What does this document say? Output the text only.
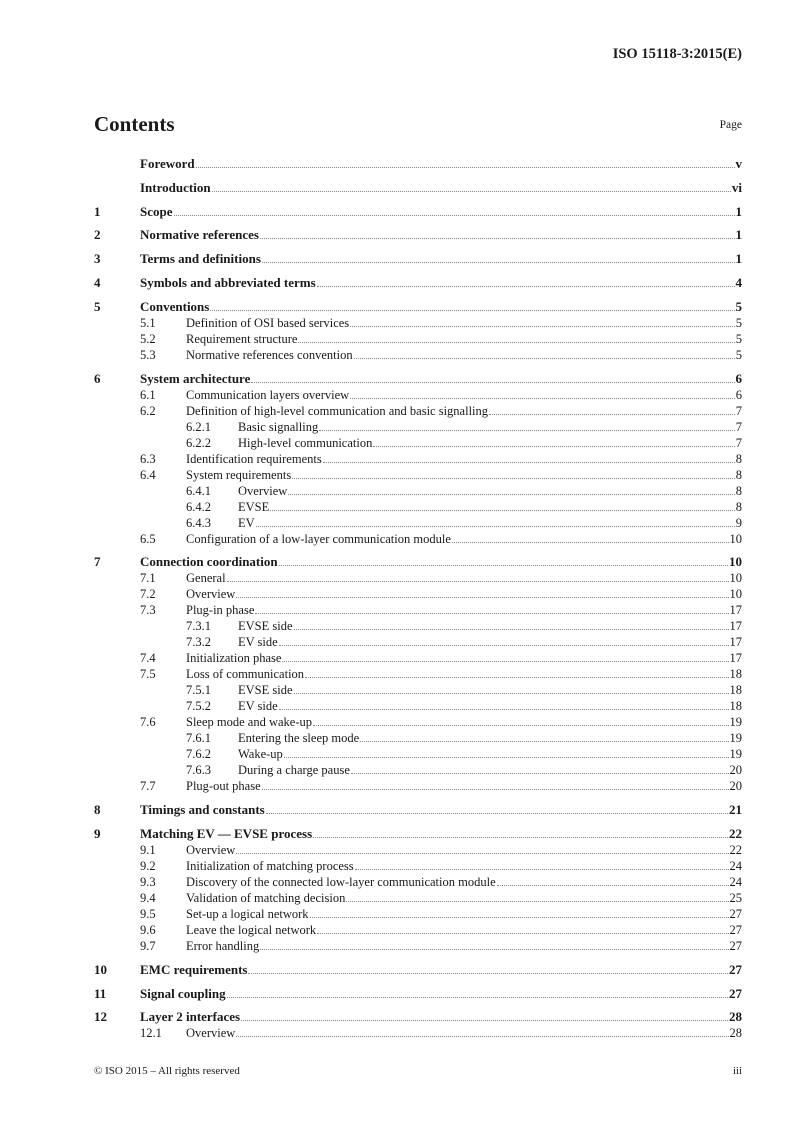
ISO 15118-3:2015(E)
Contents	Page
Foreword	v
Introduction	vi
1	Scope	1
2	Normative references	1
3	Terms and definitions	1
4	Symbols and abbreviated terms	4
5	Conventions	5
5.1	Definition of OSI based services	5
5.2	Requirement structure	5
5.3	Normative references convention	5
6	System architecture	6
6.1	Communication layers overview	6
6.2	Definition of high-level communication and basic signalling	7
6.2.1	Basic signalling	7
6.2.2	High-level communication	7
6.3	Identification requirements	8
6.4	System requirements	8
6.4.1	Overview	8
6.4.2	EVSE	8
6.4.3	EV	9
6.5	Configuration of a low-layer communication module	10
7	Connection coordination	10
7.1	General	10
7.2	Overview	10
7.3	Plug-in phase	17
7.3.1	EVSE side	17
7.3.2	EV side	17
7.4	Initialization phase	17
7.5	Loss of communication	18
7.5.1	EVSE side	18
7.5.2	EV side	18
7.6	Sleep mode and wake-up	19
7.6.1	Entering the sleep mode	19
7.6.2	Wake-up	19
7.6.3	During a charge pause	20
7.7	Plug-out phase	20
8	Timings and constants	21
9	Matching EV — EVSE process	22
9.1	Overview	22
9.2	Initialization of matching process	24
9.3	Discovery of the connected low-layer communication module	24
9.4	Validation of matching decision	25
9.5	Set-up a logical network	27
9.6	Leave the logical network	27
9.7	Error handling	27
10	EMC requirements	27
11	Signal coupling	27
12	Layer 2 interfaces	28
12.1	Overview	28
© ISO 2015 – All rights reserved	iii
